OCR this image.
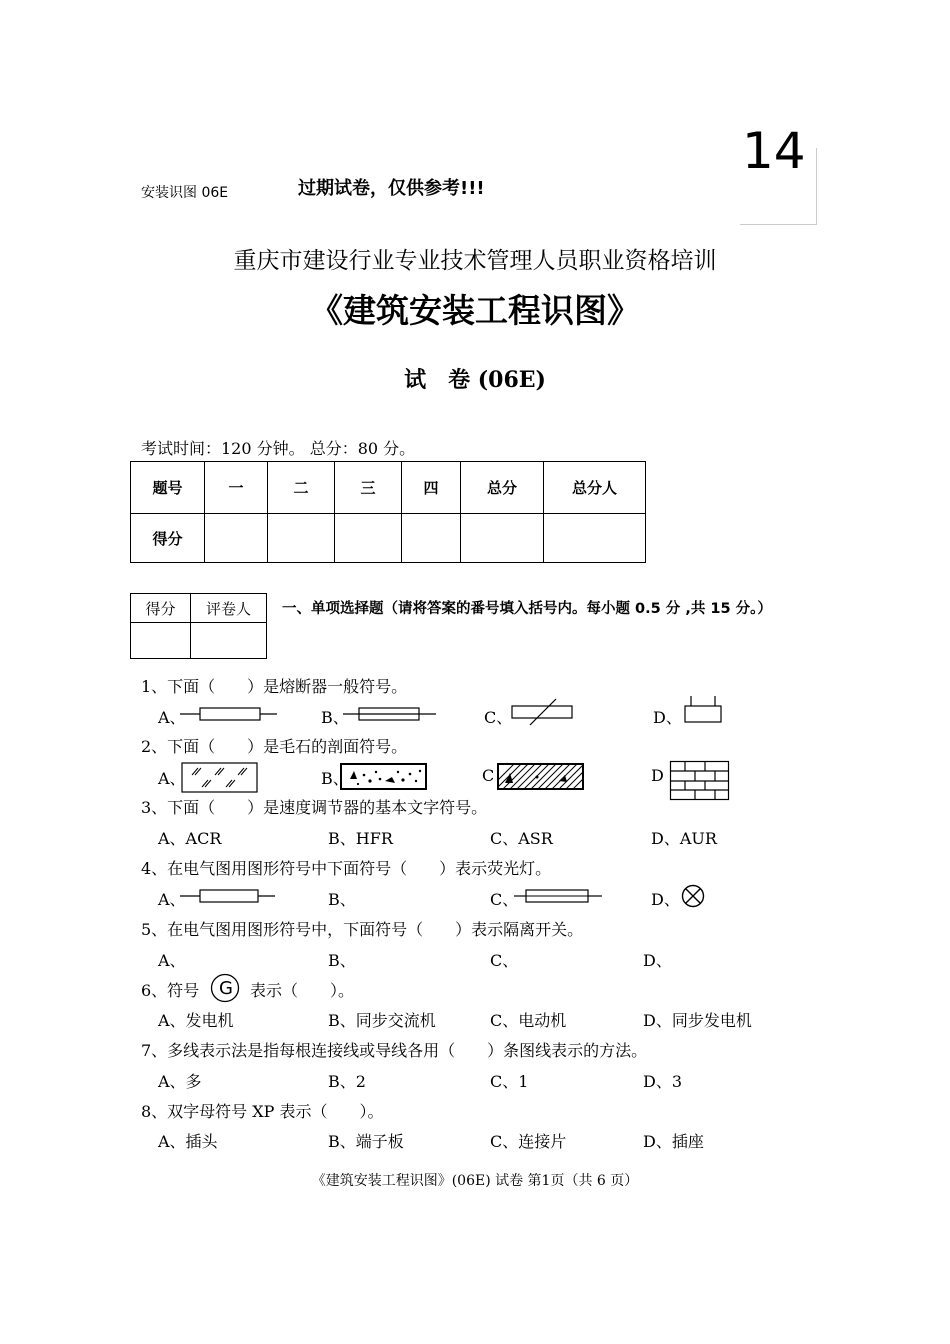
安装识图 06E	过期试卷，仅供参考!!!
14
重庆市建设行业专业技术管理人员职业资格培训
《建筑安装工程识图》
试　卷 (06E)
考试时间：120 分钟。 总分：80 分。
题号	一	二	三	四	总分	总分人
得分						
得分	评卷人
	一、单项选择题（请将答案的番号填入括号内。每小题 0.5 分 ,共 15 分。）
1、下面（　　）是熔断器一般符号。
A、	B、	C、	D、
2、下面（　　）是毛石的剖面符号。
A、	B、	C	D
3、下面（　　）是速度调节器的基本文字符号。
A、ACR	B、HFR	C、ASR	D、AUR
4、在电气图用图形符号中下面符号（　　）表示荧光灯。
A、	B、	C、	D、
5、在电气图用图形符号中，下面符号（　　）表示隔离开关。
A、	B、	C、	D、
6、符号 G 表示（　　）。
A、发电机	B、同步交流机	C、电动机	D、同步发电机
7、多线表示法是指每根连接线或导线各用（　　）条图线表示的方法。
A、多	B、2	C、1	D、3
8、双字母符号 XP 表示（　　）。
A、插头	B、端子板	C、连接片	D、插座
《建筑安装工程识图》(06E) 试卷 第1页（共 6 页）
